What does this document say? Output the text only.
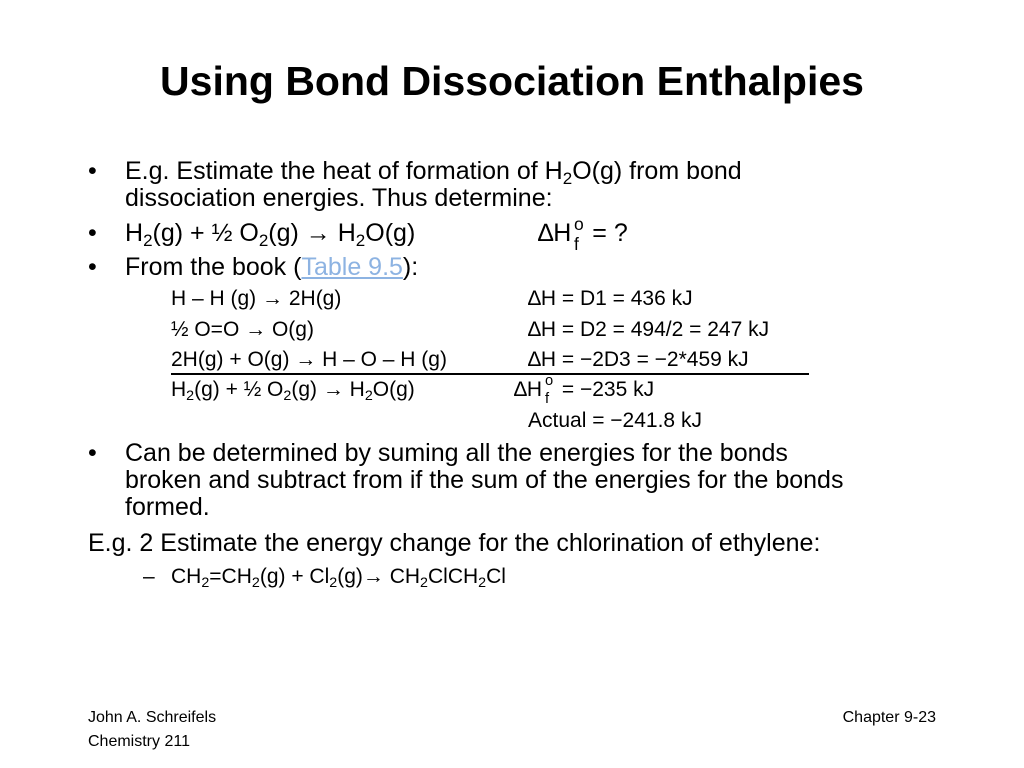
Using Bond Dissociation Enthalpies
• E.g. Estimate the heat of formation of $H_2O(g)$ from bond
dissociation energies. Thus determine:
• $H_2(g)$ + ½ $O_2(g) \to H_2O(g)$	∆H = ?
o
f
• From the book (Table 9.5):
H – H (g) → 2H(g)	∆H = D1 = 436 kJ
½ O=O → O(g)	∆H = D2 = 494/2 = 247 kJ
2H(g) + O(g) → H – O – H (g)	∆H = −2D3 = −2*459 kJ
$H_2(g)$ + ½ $O_2(g) \to H_2O(g)$	∆H = −235 kJ
o
f
Actual = −241.8 kJ
• Can be determined by suming all the energies for the bonds
broken and subtract from if the sum of the energies for the bonds
formed.
E.g. 2 Estimate the energy change for the chlorination of ethylene:
– $CH_2=CH_2(g) + Cl_2(g)\to$ $CH_2ClCH_2Cl$
John A. Schreifels
Chemistry 211
Chapter 9-23
